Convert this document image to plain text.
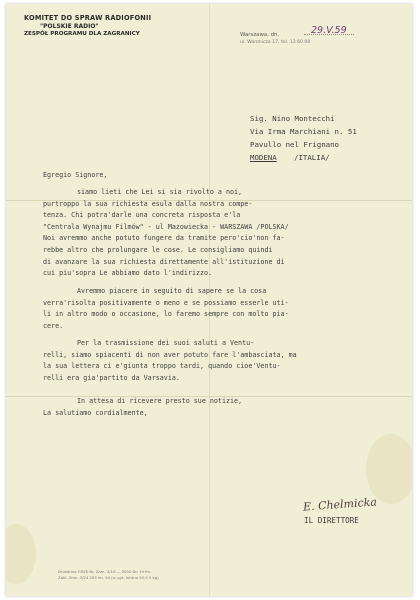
KOMITET DO SPRAW RADIOFONII
"POLSKIE RADIO"
ZESPÓŁ PROGRAMU DLA ZAGRANICY	Warszawa, dn.	29.V.59
ul. Woronicza 17, tel. 13 60 00
Sig. Nino Montecchi
Via Irma Marchiani n. 51
Pavullo nel Frignano
MODENA /ITALIA/
Egregio Signore,
siamo lieti che Lei si sia rivolto a noi,
purtroppo la sua richiesta esula dalla nostra compe-
tenza. Chi potra'darle una concreta risposta e'la
"Centrala Wynajmu Filmów" - ul Mazowiecka - WARSZAWA /POLSKA/
Noi avremmo anche potuto fungere da tramite pero'cio'non fa-
rebbe altro che prolungare le cose. Le consigliamo quindi
di avanzare la sua richiesta direttamente all'istituzione di
cui piu'sopra Le abbiamo dato l'indirizzo.
Avremmo piacere in seguito di sapere se la cosa
verra'risolta positivamente o meno e se possiamo esserle uti-
li in altro modo o occasione, lo faremo sempre con molto pia-
cere.
Per la trasmissione dei suoi saluti a Ventu-
relli, siamo spiacenti di non aver potuto fare l'ambasciata, ma
la sua lettera ci e'giunta troppo tardi, quando cioe'Ventu-
relli era gia'partito da Varsavia.
In attesa di ricevere presto sue notizie,
La salutiamo cordialmente,
E. Chelmicka
IL DIRETTORE
Drukarnia CRZS Nr. Zam. 4/19 — 5000 Dn 19 fm.
Zakł. Zmn. 3/24 253 lm. 94 (o: pyt. lentno 93,5 5 kg)
